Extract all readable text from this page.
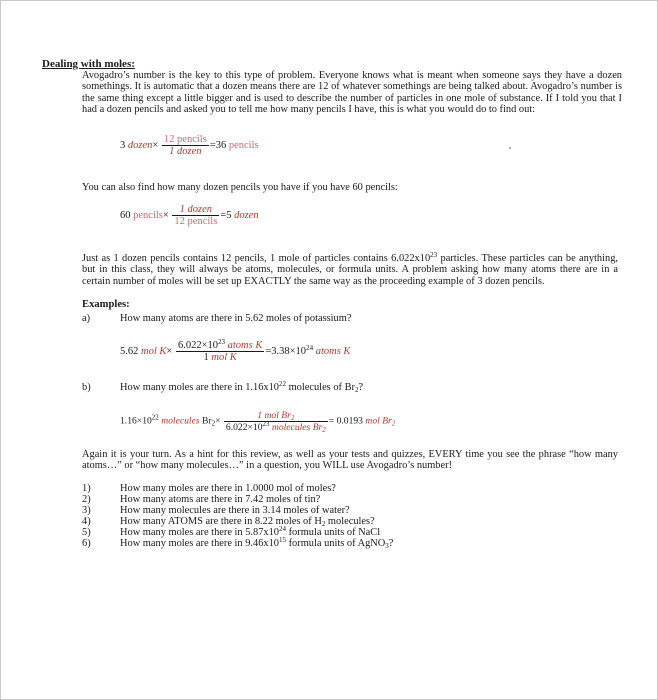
Dealing with moles:
Avogadro’s number is the key to this type of problem. Everyone knows what is meant when someone says they have a dozen somethings. It is automatic that a dozen means there are 12 of whatever somethings are being talked about. Avogadro’s number is the same thing except a little bigger and is used to describe the number of particles in one mole of substance. If I told you that I had a dozen pencils and asked you to tell me how many pencils I have, this is what you would do to find out:
3 dozen× $\frac{\text{12 pencils}}{\text{1 dozen}} =36$ pencils
You can also find how many dozen pencils you have if you have 60 pencils:
60 pencils× $\frac{\text{1 dozen}}{\text{12 pencils}} =5$ dozen
Just as 1 dozen pencils contains 12 pencils, 1 mole of particles contains $6.022x10^{23}$ particles. These particles can be anything, but in this class, they will always be atoms, molecules, or formula units. A problem asking how many atoms there are in a certain number of moles will be set up EXACTLY the same way as the proceeding example of 3 dozen pencils.
Examples:
a)	How many atoms are there in 5.62 moles of potassium?
5.62 mol $K\times \frac{6.022\times 10^{23} atoms K}{\text{1 mol K}} =3.38\times 10^{24}$ atoms K
b)	How many moles are there in $1.16x10^{22}$ molecules of $Br_2$?
$1.16\times 10^{22}$ molecules $Br_2\times \frac{1 mol Br_2}{6.022\times 10^{23} molecules Br_2} = 0.0193$ mol $Br_2$
Again it is your turn. As a hint for this review, as well as your tests and quizzes, EVERY time you see the phrase “how many atoms…” or “how many molecules…” in a question, you WILL use Avogadro’s number!
1)	How many moles are there in 1.0000 mol of moles?
2)	How many atoms are there in 7.42 moles of tin?
3)	How many molecules are there in 3.14 moles of water?
4)	How many ATOMS are there in 8.22 moles of $H_2$ molecules?
5)	How many moles are there in $5.87x10^{24}$ formula units of NaCl
6)	How many moles are there in $9.46x10^{15}$ formula units of AgNO$_3$?
